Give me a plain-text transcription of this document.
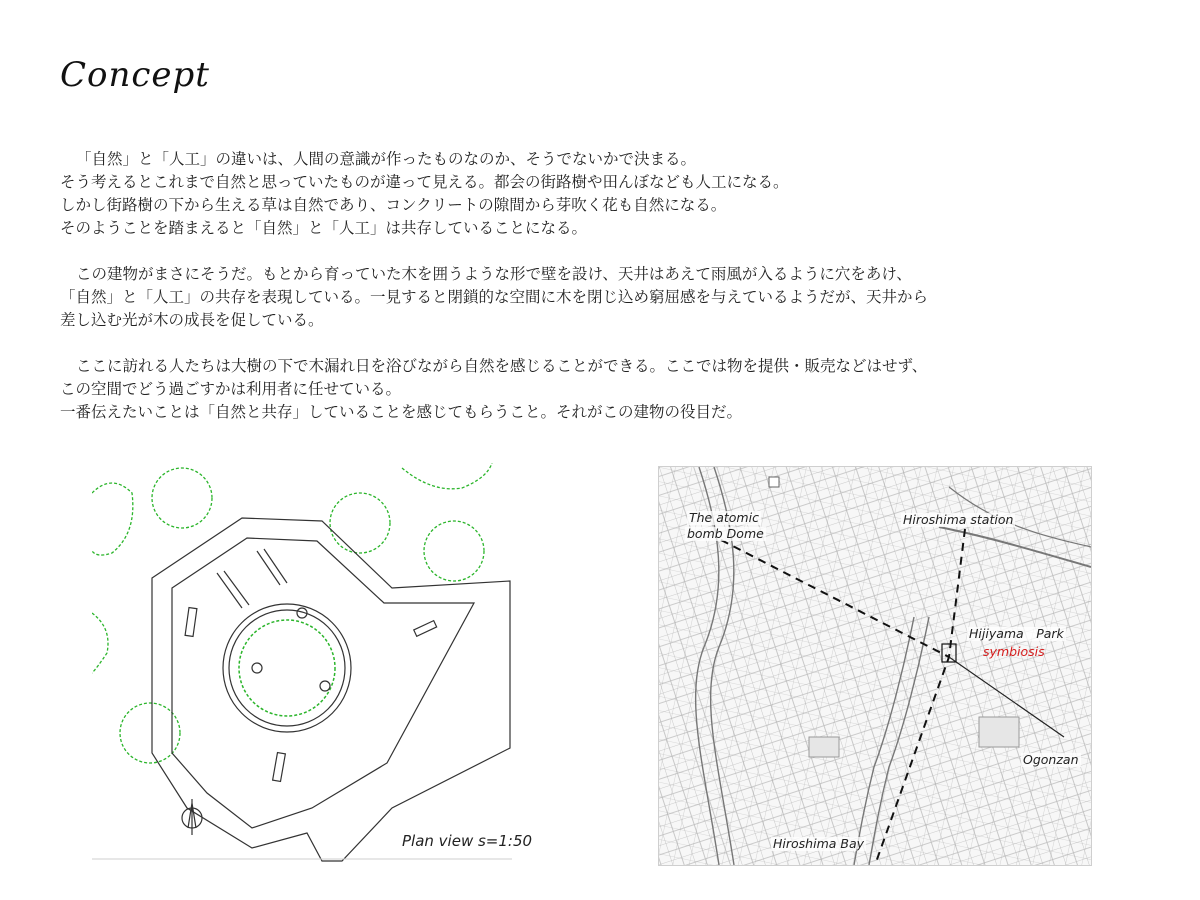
Concept
「自然」と「人工」の違いは、人間の意識が作ったものなのか、そうでないかで決まる。
そう考えるとこれまで自然と思っていたものが違って見える。都会の街路樹や田んぼなども人工になる。
しかし街路樹の下から生える草は自然であり、コンクリートの隙間から芽吹く花も自然になる。
そのようことを踏まえると「自然」と「人工」は共存していることになる。
この建物がまさにそうだ。もとから育っていた木を囲うような形で壁を設け、天井はあえて雨風が入るように穴をあけ、
「自然」と「人工」の共存を表現している。一見すると閉鎖的な空間に木を閉じ込め窮屈感を与えているようだが、天井から
差し込む光が木の成長を促している。
ここに訪れる人たちは大樹の下で木漏れ日を浴びながら自然を感じることができる。ここでは物を提供・販売などはせず、
この空間でどう過ごすかは利用者に任せている。
一番伝えたいことは「自然と共存」していることを感じてもらうこと。それがこの建物の役目だ。
Plan view s=1:50
The atomic
bomb Dome
Hiroshima station
Hijiyama　Park
symbiosis
Ogonzan
Hiroshima Bay
